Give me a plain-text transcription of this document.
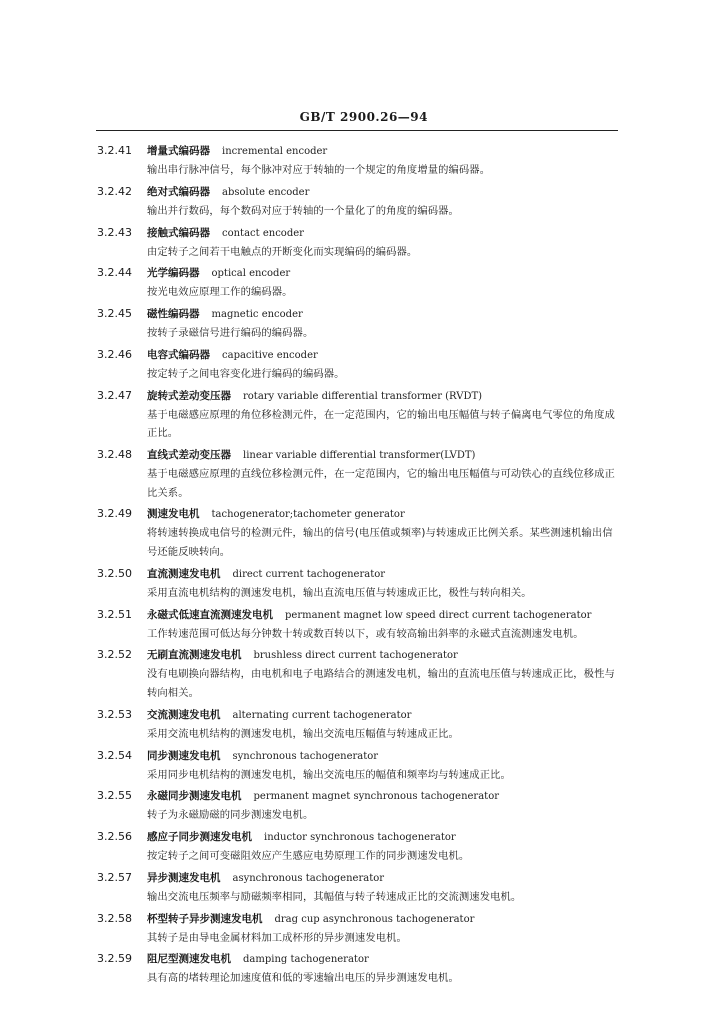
GB/T 2900.26—94
3.2.41 增量式编码器 incremental encoder
输出串行脉冲信号，每个脉冲对应于转轴的一个规定的角度增量的编码器。
3.2.42 绝对式编码器 absolute encoder
输出并行数码，每个数码对应于转轴的一个量化了的角度的编码器。
3.2.43 接触式编码器 contact encoder
由定转子之间若干电触点的开断变化而实现编码的编码器。
3.2.44 光学编码器 optical encoder
按光电效应原理工作的编码器。
3.2.45 磁性编码器 magnetic encoder
按转子录磁信号进行编码的编码器。
3.2.46 电容式编码器 capacitive encoder
按定转子之间电容变化进行编码的编码器。
3.2.47 旋转式差动变压器 rotary variable differential transformer (RVDT)
基于电磁感应原理的角位移检测元件，在一定范围内，它的输出电压幅值与转子偏离电气零位的角度成正比。
3.2.48 直线式差动变压器 linear variable differential transformer(LVDT)
基于电磁感应原理的直线位移检测元件，在一定范围内，它的输出电压幅值与可动铁心的直线位移成正比关系。
3.2.49 测速发电机 tachogenerator;tachometer generator
将转速转换成电信号的检测元件，输出的信号(电压值或频率)与转速成正比例关系。某些测速机输出信号还能反映转向。
3.2.50 直流测速发电机 direct current tachogenerator
采用直流电机结构的测速发电机，输出直流电压值与转速成正比，极性与转向相关。
3.2.51 永磁式低速直流测速发电机 permanent magnet low speed direct current tachogenerator
工作转速范围可低达每分钟数十转或数百转以下，或有较高输出斜率的永磁式直流测速发电机。
3.2.52 无刷直流测速发电机 brushless direct current tachogenerator
没有电刷换向器结构，由电机和电子电路结合的测速发电机，输出的直流电压值与转速成正比，极性与转向相关。
3.2.53 交流测速发电机 alternating current tachogenerator
采用交流电机结构的测速发电机，输出交流电压幅值与转速成正比。
3.2.54 同步测速发电机 synchronous tachogenerator
采用同步电机结构的测速发电机，输出交流电压的幅值和频率均与转速成正比。
3.2.55 永磁同步测速发电机 permanent magnet synchronous tachogenerator
转子为永磁励磁的同步测速发电机。
3.2.56 感应子同步测速发电机 inductor synchronous tachogenerator
按定转子之间可变磁阻效应产生感应电势原理工作的同步测速发电机。
3.2.57 异步测速发电机 asynchronous tachogenerator
输出交流电压频率与励磁频率相同，其幅值与转子转速成正比的交流测速发电机。
3.2.58 杯型转子异步测速发电机 drag cup asynchronous tachogenerator
其转子是由导电金属材料加工成杯形的异步测速发电机。
3.2.59 阻尼型测速发电机 damping tachogenerator
具有高的堵转理论加速度值和低的零速输出电压的异步测速发电机。
